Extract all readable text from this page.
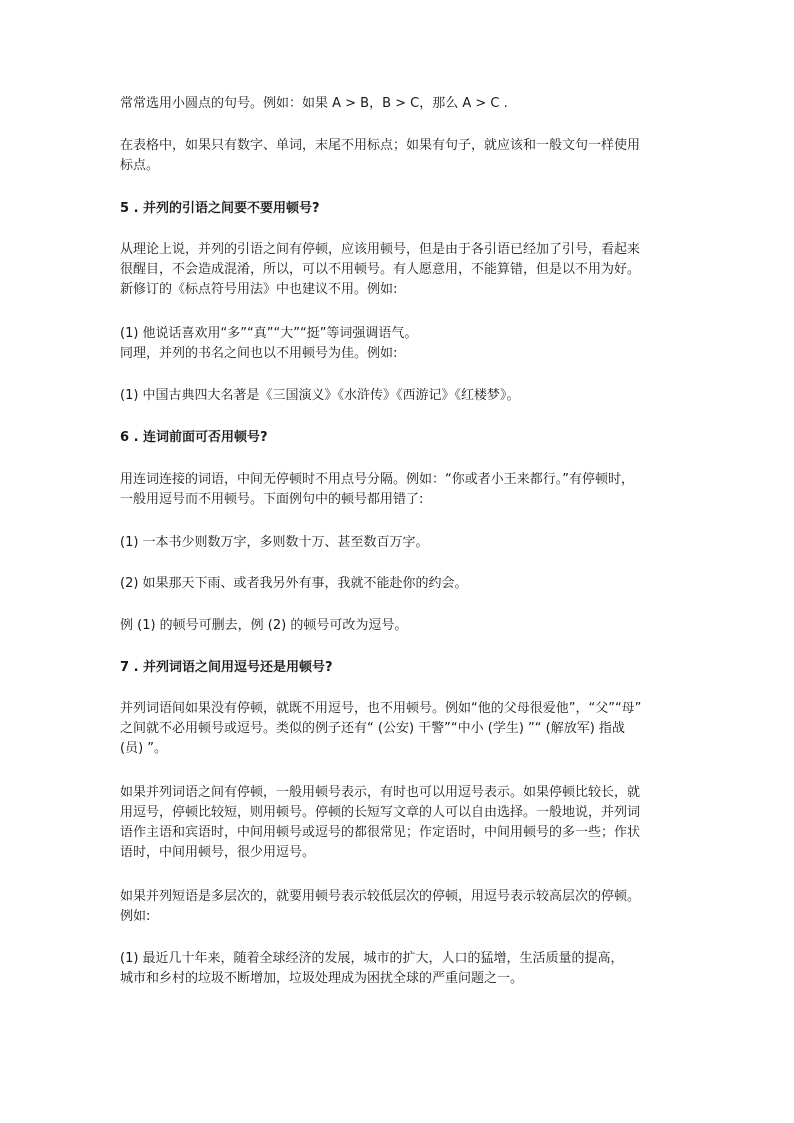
常常选用小圆点的句号。例如：如果 A > B，B > C，那么 A > C .
在表格中，如果只有数字、单词，末尾不用标点；如果有句子，就应该和一般文句一样使用
标点。
5 . 并列的引语之间要不要用顿号?
从理论上说，并列的引语之间有停顿，应该用顿号，但是由于各引语已经加了引号，看起来
很醒目，不会造成混淆，所以，可以不用顿号。有人愿意用，不能算错，但是以不用为好。
新修订的《标点符号用法》中也建议不用。例如:
(1) 他说话喜欢用“多”“真”“大”“挺”等词强调语气。
同理，并列的书名之间也以不用顿号为佳。例如:
(1) 中国古典四大名著是《三国演义》《水浒传》《西游记》《红楼梦》。
6 . 连词前面可否用顿号?
用连词连接的词语，中间无停顿时不用点号分隔。例如：“你或者小王来都行。”有停顿时，
一般用逗号而不用顿号。下面例句中的顿号都用错了:
(1) 一本书少则数万字，多则数十万、甚至数百万字。
(2) 如果那天下雨、或者我另外有事，我就不能赴你的约会。
例 (1) 的顿号可删去，例 (2) 的顿号可改为逗号。
7 . 并列词语之间用逗号还是用顿号?
并列词语间如果没有停顿，就既不用逗号，也不用顿号。例如“他的父母很爱他”，“父”“母”
之间就不必用顿号或逗号。类似的例子还有“ (公安) 干警”“中小 (学生) ”“ (解放军) 指战
(员) ”。
如果并列词语之间有停顿，一般用顿号表示，有时也可以用逗号表示。如果停顿比较长，就
用逗号，停顿比较短，则用顿号。停顿的长短写文章的人可以自由选择。一般地说，并列词
语作主语和宾语时，中间用顿号或逗号的都很常见；作定语时，中间用顿号的多一些；作状
语时，中间用顿号，很少用逗号。
如果并列短语是多层次的，就要用顿号表示较低层次的停顿，用逗号表示较高层次的停顿。
例如:
(1) 最近几十年来，随着全球经济的发展，城市的扩大，人口的猛增，生活质量的提高，
城市和乡村的垃圾不断增加，垃圾处理成为困扰全球的严重问题之一。
